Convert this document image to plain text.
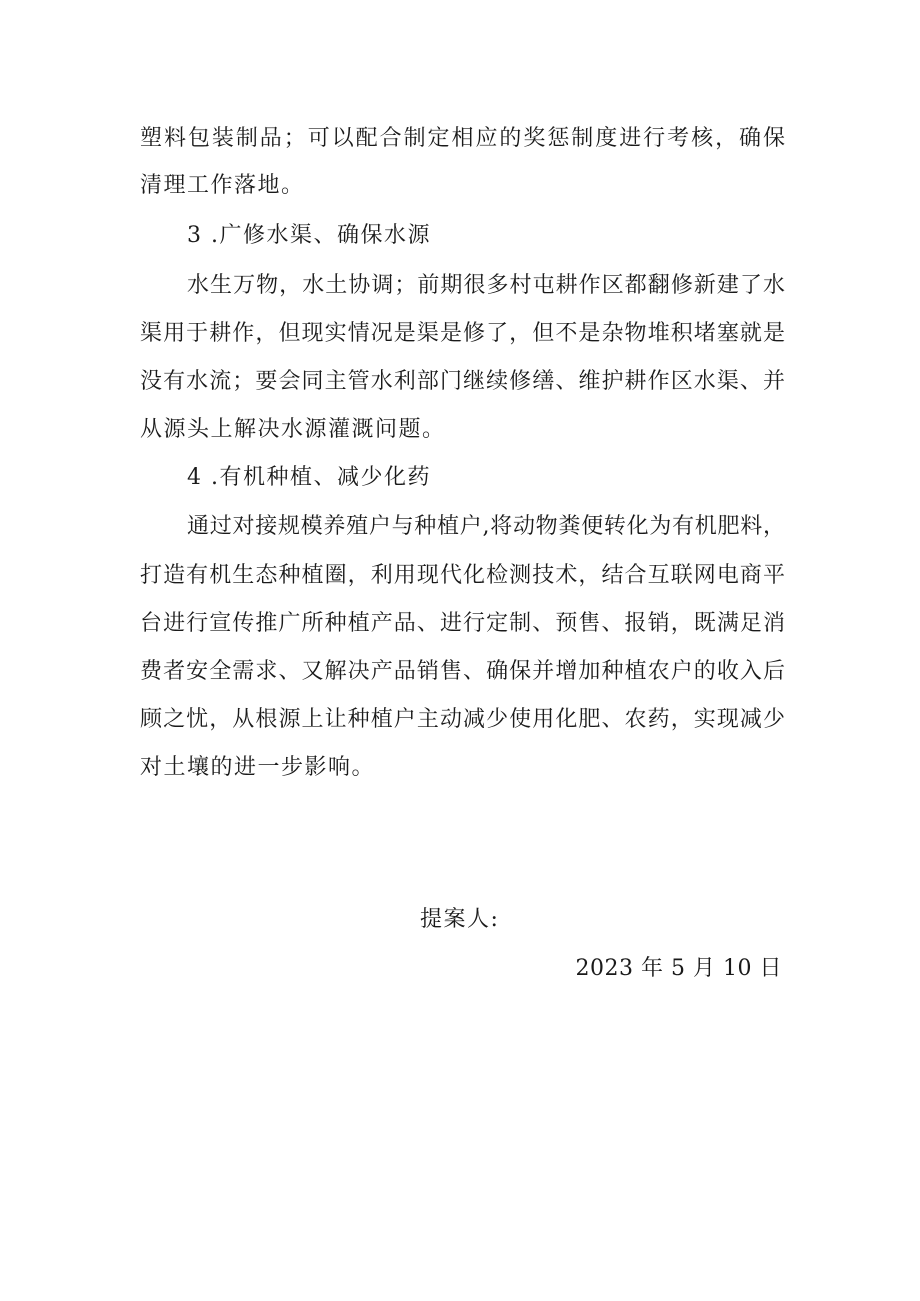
塑料包装制品；可以配合制定相应的奖惩制度进行考核，确保
清理工作落地。
3 .广修水渠、确保水源
水生万物，水土协调；前期很多村屯耕作区都翻修新建了水
渠用于耕作，但现实情况是渠是修了，但不是杂物堆积堵塞就是
没有水流；要会同主管水利部门继续修缮、维护耕作区水渠、并
从源头上解决水源灌溉问题。
4 .有机种植、减少化药
通过对接规模养殖户与种植户,将动物粪便转化为有机肥料，
打造有机生态种植圈，利用现代化检测技术，结合互联网电商平
台进行宣传推广所种植产品、进行定制、预售、报销，既满足消
费者安全需求、又解决产品销售、确保并增加种植农户的收入后
顾之忧，从根源上让种植户主动减少使用化肥、农药，实现减少
对土壤的进一步影响。
提案人:
2023 年 5 月 10 日
